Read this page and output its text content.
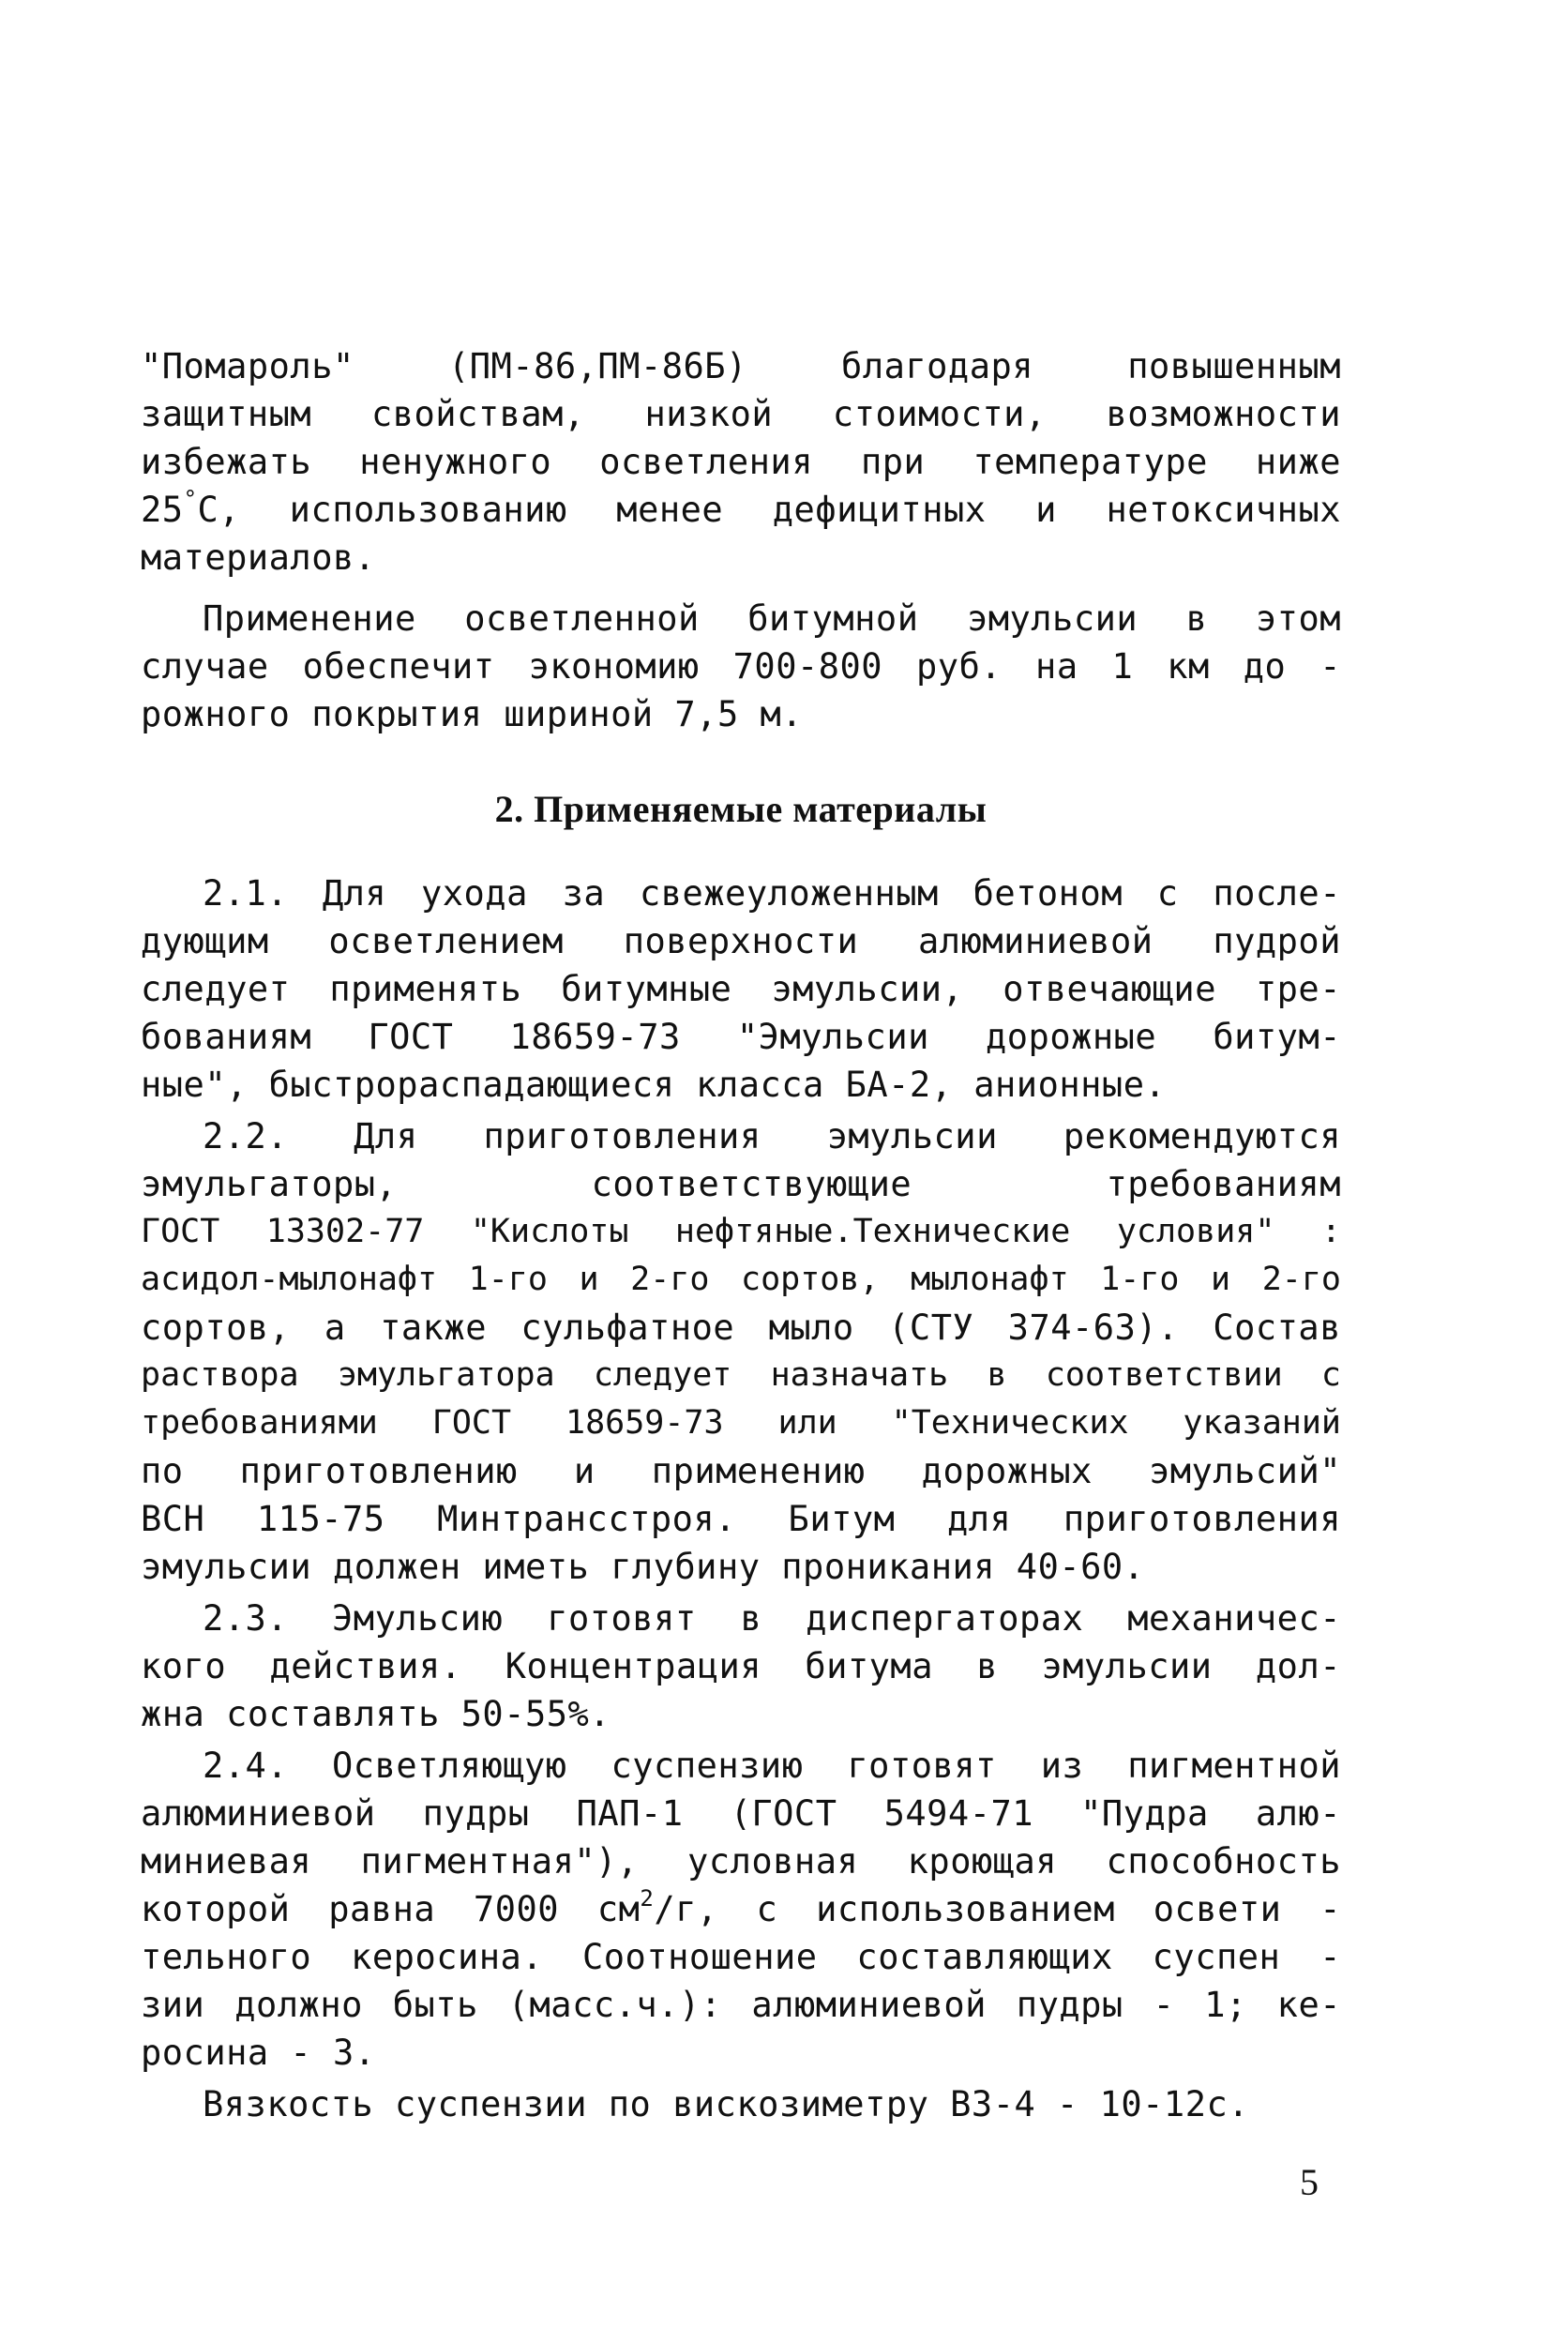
"Помароль" (ПМ-86,ПМ-86Б) благодаря повышенным
защитным свойствам, низкой стоимости, возможности
избежать ненужного осветления при температуре ниже
25°С, использованию менее дефицитных и нетоксичных
материалов.
Применение осветленной битумной эмульсии в этом
случае обеспечит экономию 700-800 руб. на 1 км до -
рожного покрытия шириной 7,5 м.
2. Применяемые материалы
2.1. Для ухода за свежеуложенным бетоном с после-
дующим осветлением поверхности алюминиевой пудрой
следует применять битумные эмульсии, отвечающие тре-
бованиям ГОСТ 18659-73 "Эмульсии дорожные битум-
ные", быстрораспадающиеся класса БА-2, анионные.
2.2. Для приготовления эмульсии рекомендуются
эмульгаторы, соответствующие требованиям
ГОСТ 13302-77 "Кислоты нефтяные.Технические условия" :
асидол-мылонафт 1-го и 2-го сортов, мылонафт 1-го и 2-го
сортов, а также сульфатное мыло (СТУ 374-63). Состав
раствора эмульгатора следует назначать в соответствии с
требованиями ГОСТ 18659-73 или "Технических указаний
по приготовлению и применению дорожных эмульсий"
ВСН 115-75 Минтрансстроя. Битум для приготовления
эмульсии должен иметь глубину проникания 40-60.
2.3. Эмульсию готовят в диспергаторах механичес-
кого действия. Концентрация битума в эмульсии дол-
жна составлять 50-55%.
2.4. Осветляющую суспензию готовят из пигментной
алюминиевой пудры ПАП-1 (ГОСТ 5494-71 "Пудра алю-
миниевая пигментная"), условная кроющая способность
которой равна 7000 $см^2/г$, с использованием освети -
тельного керосина. Соотношение составляющих суспен -
зии должно быть (масс.ч.): алюминиевой пудры - 1; ке-
росина - 3.
Вязкость суспензии по вискозиметру ВЗ-4 - 10-12с.
5
